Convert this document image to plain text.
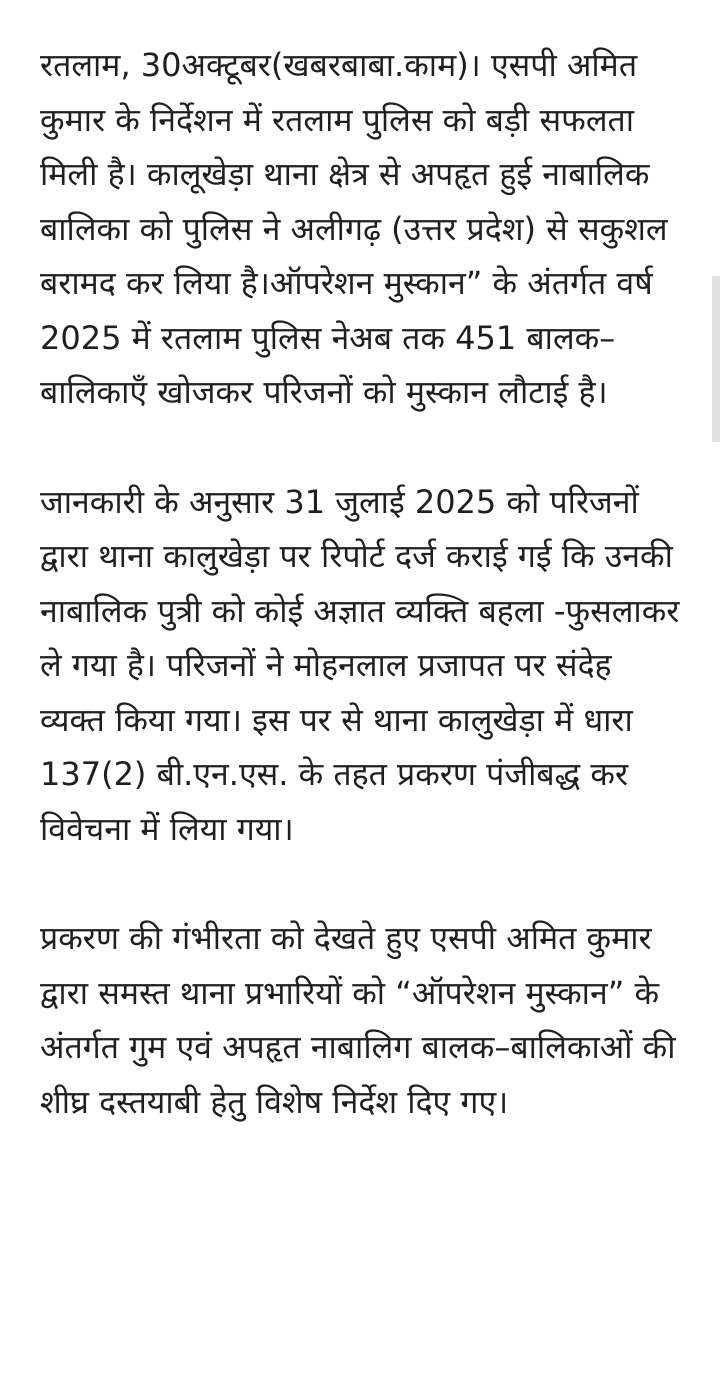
रतलाम, 30अक्टूबर(खबरबाबा.काम)। एसपी अमित कुमार के निर्देशन में रतलाम पुलिस को बड़ी सफलता मिली है। कालूखेड़ा थाना क्षेत्र से अपहृत हुई नाबालिक बालिका को पुलिस ने अलीगढ़ (उत्तर प्रदेश) से सकुशल बरामद कर लिया है।ऑपरेशन मुस्कान” के अंतर्गत वर्ष 2025 में रतलाम पुलिस नेअब तक 451 बालक–बालिकाएँ खोजकर परिजनों को मुस्कान लौटाई है।

जानकारी के अनुसार 31 जुलाई 2025 को परिजनों द्वारा थाना कालुखेड़ा पर रिपोर्ट दर्ज कराई गई कि उनकी नाबालिक पुत्री को कोई अज्ञात व्यक्ति बहला -फुसलाकर ले गया है। परिजनों ने मोहनलाल प्रजापत पर संदेह व्यक्त किया गया। इस पर से थाना कालुखेड़ा में धारा 137(2) बी.एन.एस. के तहत प्रकरण पंजीबद्ध कर विवेचना में लिया गया।

प्रकरण की गंभीरता को देखते हुए एसपी अमित कुमार द्वारा समस्त थाना प्रभारियों को “ऑपरेशन मुस्कान” के अंतर्गत गुम एवं अपहृत नाबालिग बालक–बालिकाओं की शीघ्र दस्तयाबी हेतु विशेष निर्देश दिए गए।
